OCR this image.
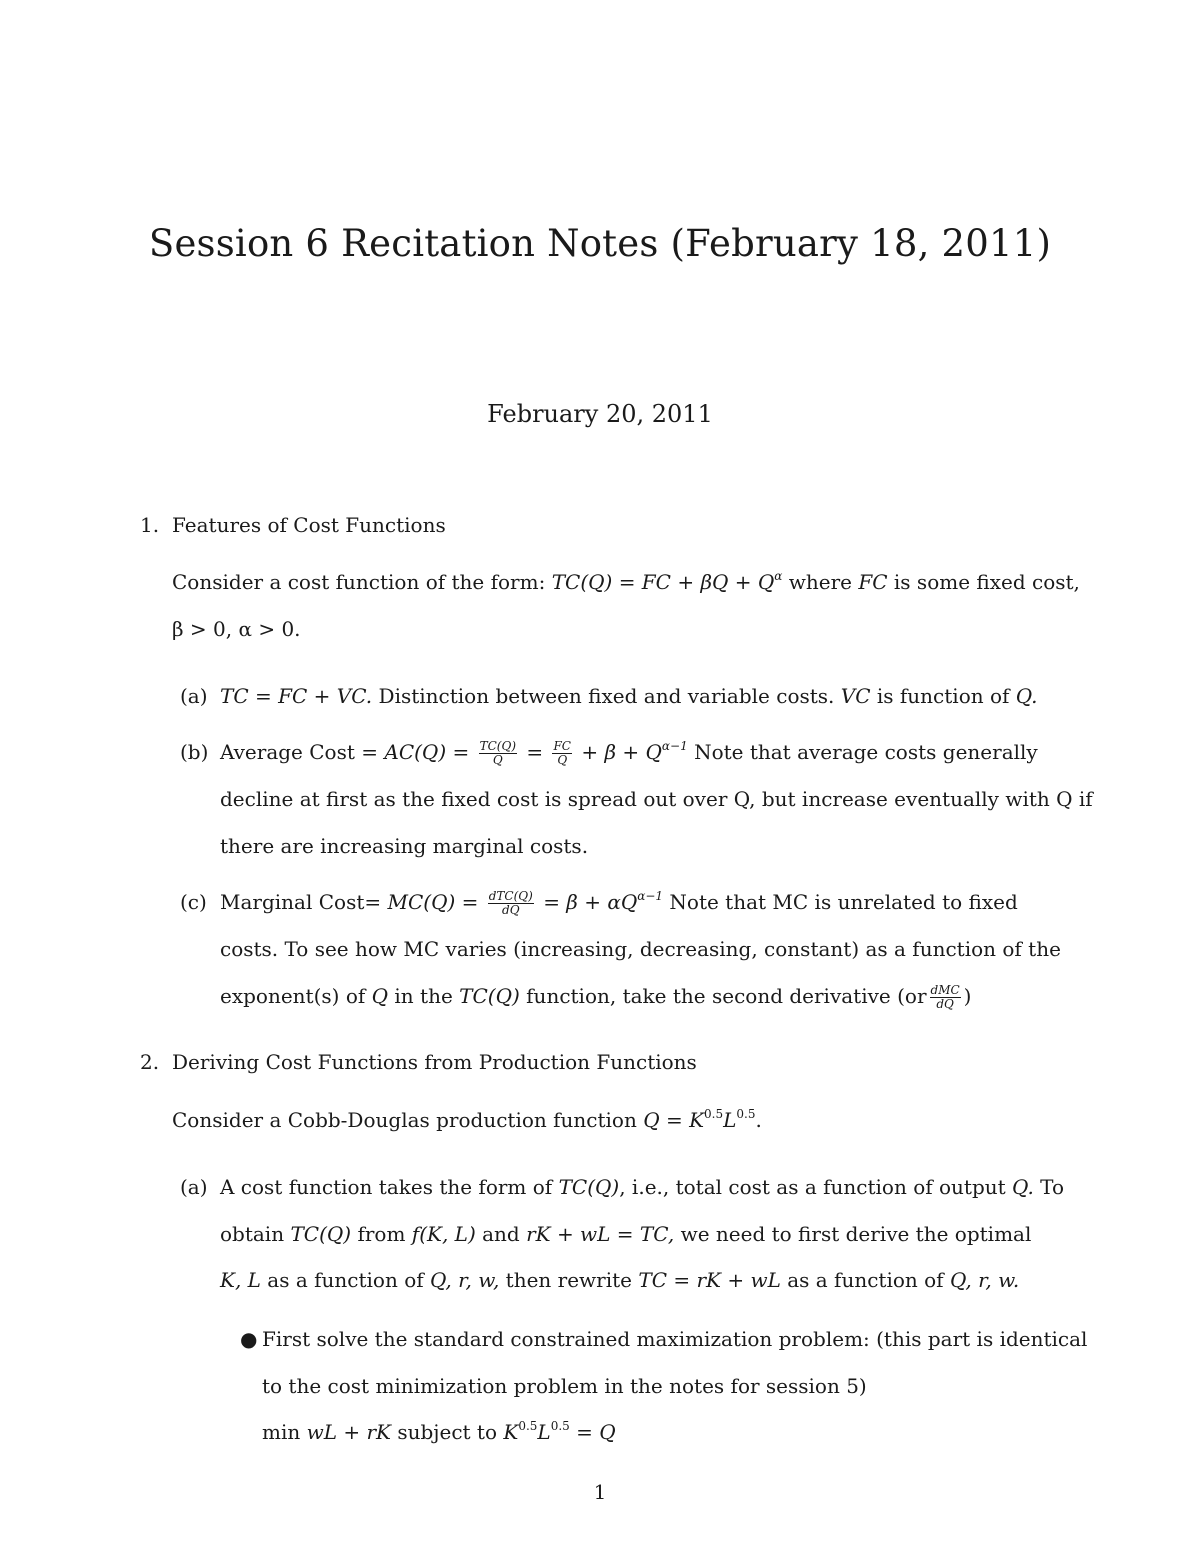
Session 6 Recitation Notes (February 18, 2011)
February 20, 2011
1. Features of Cost Functions
Consider a cost function of the form: TC(Q) = FC + $\beta Q + Q^\alpha$ where FC is some fixed cost,
β > 0, α > 0.
(a) TC = FC + VC. Distinction between fixed and variable costs. VC is function of Q.
(b) Average Cost = $AC(Q) = \frac{TC(Q)}{Q} = \frac{FC}{Q} + \beta + Q^{\alpha-1}$ Note that average costs generally
decline at first as the fixed cost is spread out over Q, but increase eventually with Q if
there are increasing marginal costs.
(c) Marginal Cost= $MC(Q) = \frac{\text{dTC(Q)}}{dQ} = \beta + \alpha Q^{\alpha-1}$ Note that MC is unrelated to fixed
costs. To see how MC varies (increasing, decreasing, constant) as a function of the
exponent(s) of Q in the TC(Q) function, take the second derivative ($or \frac{\text{dMC}}{dQ}$ )
2. Deriving Cost Functions from Production Functions
Consider a Cobb-Douglas production function $Q = K^{0.5}L^{0.5}$.
(a) A cost function takes the form of TC(Q), i.e., total cost as a function of output Q. To
obtain TC(Q) from f(K, L) and rK + wL = TC, we need to first derive the optimal
K, L as a function of Q, r, w, then rewrite TC = rK + wL as a function of Q, r, w.
● First solve the standard constrained maximization problem: (this part is identical
to the cost minimization problem in the notes for session 5)
min wL + rK subject to $K^{0.5}L^{0.5} = Q$
1
